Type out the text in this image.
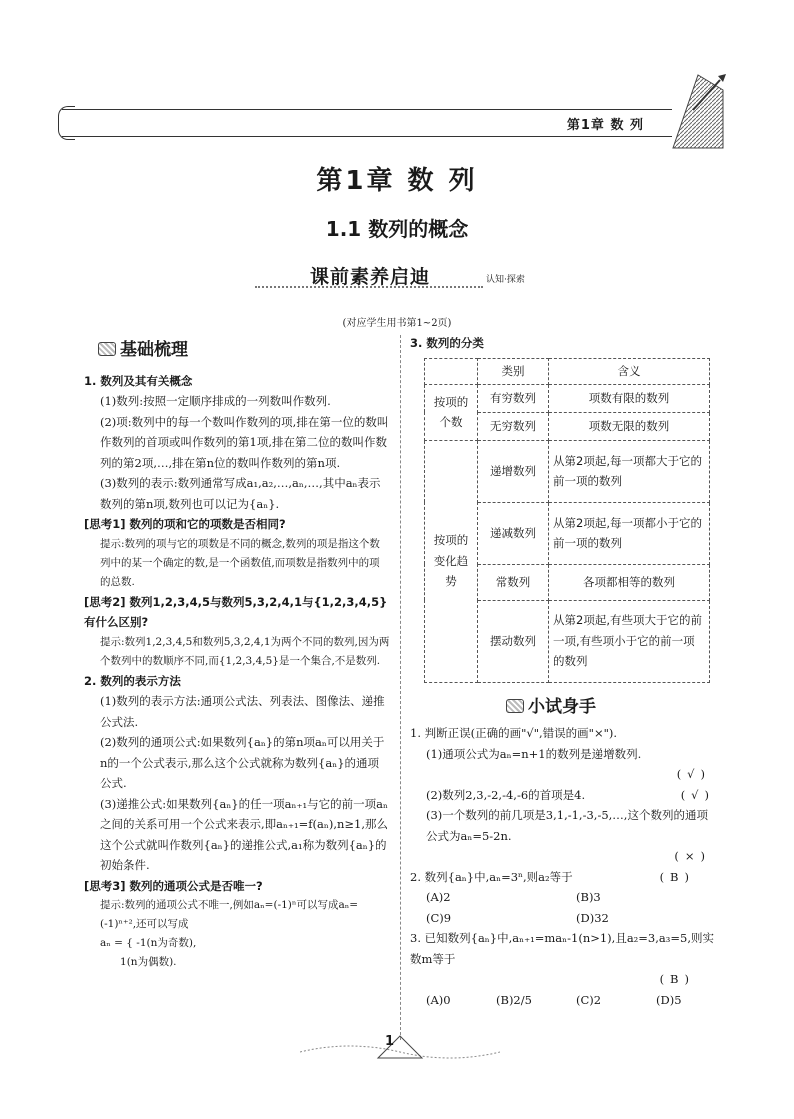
第1章 数 列
第1章 数 列
1.1 数列的概念
课前素养启迪	认知·探索
(对应学生用书第1~2页)

基础梳理

1. 数列及其有关概念

(1)数列:按照一定顺序排成的一列数叫作数列.

(2)项:数列中的每一个数叫作数列的项,排在第一位的数叫作数列的首项或叫作数列的第1项,排在第二位的数叫作数列的第2项,…,排在第n位的数叫作数列的第n项.

(3)数列的表示:数列通常写成a₁,a₂,…,aₙ,…,其中aₙ表示数列的第n项,数列也可以记为{aₙ}.

[思考1] 数列的项和它的项数是否相同?

提示:数列的项与它的项数是不同的概念,数列的项是指这个数列中的某一个确定的数,是一个函数值,而项数是指数列中的项的总数.

[思考2] 数列1,2,3,4,5与数列5,3,2,4,1与{1,2,3,4,5}有什么区别?

提示:数列1,2,3,4,5和数列5,3,2,4,1为两个不同的数列,因为两个数列中的数顺序不同,而{1,2,3,4,5}是一个集合,不是数列.

2. 数列的表示方法

(1)数列的表示方法:通项公式法、列表法、图像法、递推公式法.

(2)数列的通项公式:如果数列{aₙ}的第n项aₙ可以用关于n的一个公式表示,那么这个公式就称为数列{aₙ}的通项公式.

(3)递推公式:如果数列{aₙ}的任一项aₙ₊₁与它的前一项aₙ之间的关系可用一个公式来表示,即aₙ₊₁=f(aₙ),n≥1,那么这个公式就叫作数列{aₙ}的递推公式,a₁称为数列{aₙ}的初始条件.

[思考3] 数列的通项公式是否唯一?

提示:数列的通项公式不唯一,例如aₙ=(-1)ⁿ可以写成aₙ=(-1)ⁿ⁺²,还可以写成

aₙ = { -1(n为奇数),

1(n为偶数).

3. 数列的分类

	类别	含义
按项的个数	有穷数列	项数有限的数列
	无穷数列	项数无限的数列
按项的变化趋势	递增数列	从第2项起,每一项都大于它的前一项的数列
	递减数列	从第2项起,每一项都小于它的前一项的数列
	常数列	各项都相等的数列
	摆动数列	从第2项起,有些项大于它的前一项,有些项小于它的前一项的数列

小试身手

1. 判断正误(正确的画"√",错误的画"×").

(1)通项公式为aₙ=n+1的数列是递增数列.

(√)

(2)数列2,3,-2,-4,-6的首项是4.	(√)

(3)一个数列的前几项是3,1,-1,-3,-5,…,这个数列的通项公式为aₙ=5-2n.

(×)

2. 数列{aₙ}中,aₙ=3ⁿ,则a₂等于	(B)

(A)2	(B)3
(C)9	(D)32

3. 已知数列{aₙ}中,aₙ₊₁=maₙ-1(n>1),且a₂=3,a₃=5,则实数m等于

(B)

(A)0	(B)2/5	(C)2	(D)5

1
